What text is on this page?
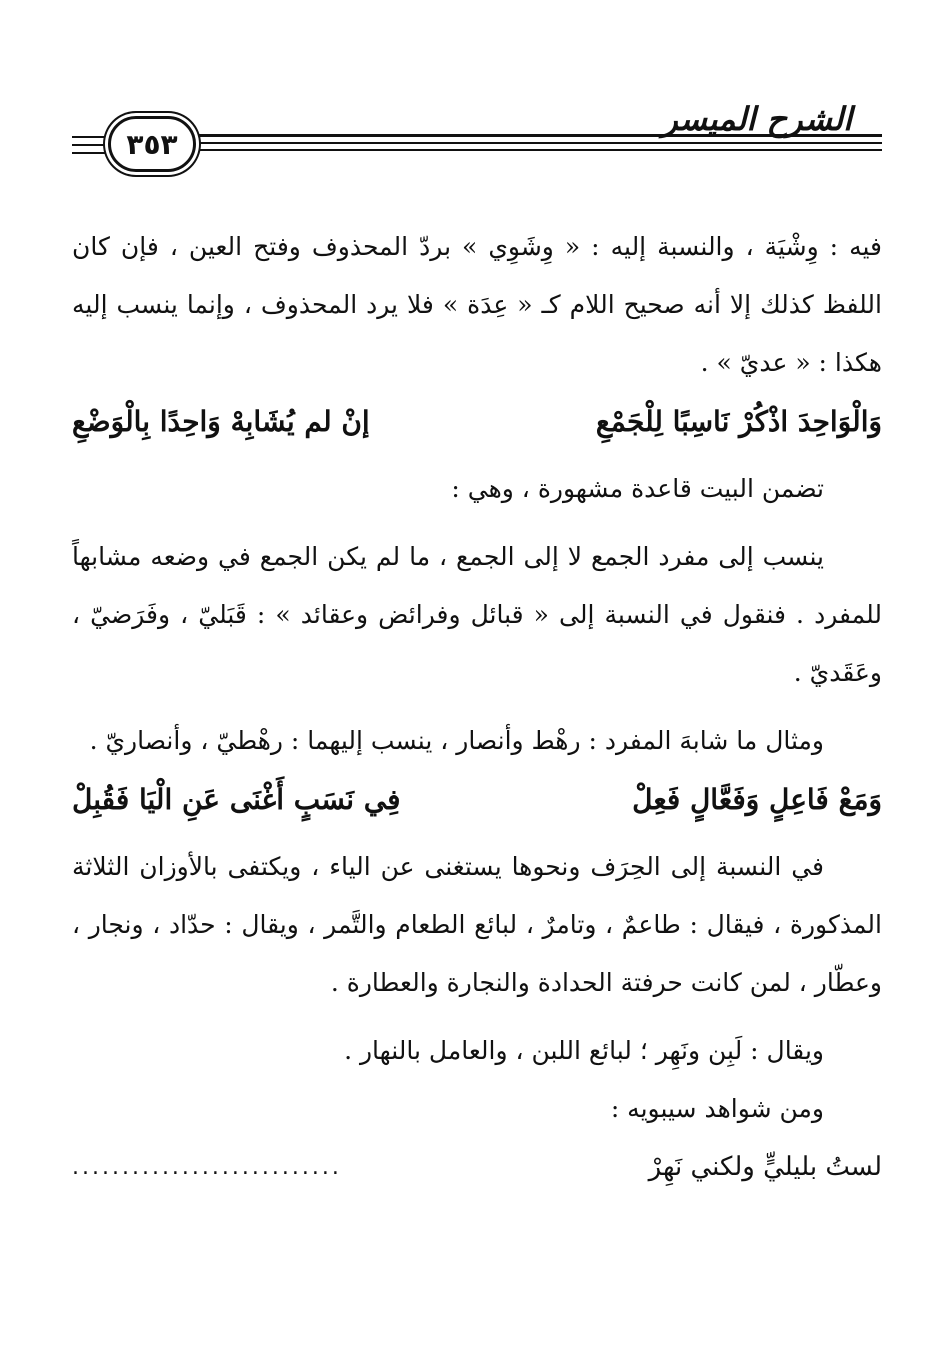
الشرح الميسر
٣٥٣

فيه : وِشْيَة ، والنسبة إليه : « وِشَوِي » بردّ المحذوف وفتح العين ، فإن كان اللفظ كذلك إلا أنه صحيح اللام كـ « عِدَة » فلا يرد المحذوف ، وإنما ينسب إليه هكذا : « عديّ » .

وَالْوَاحِدَ اذْكُرْ نَاسِبًا لِلْجَمْعِ
إنْ لم يُشَابِهْ وَاحِدًا بِالْوَضْعِ

تضمن البيت قاعدة مشهورة ، وهي :

ينسب إلى مفرد الجمع لا إلى الجمع ، ما لم يكن الجمع في وضعه مشابهاً للمفرد . فنقول في النسبة إلى « قبائل وفرائض وعقائد » : قَبَليّ ، وفَرَضيّ ، وعَقَديّ .

ومثال ما شابهَ المفرد : رهْط وأنصار ، ينسب إليهما : رهْطيّ ، وأنصاريّ .

وَمَعْ فَاعِلٍ وَفَعَّالٍ فَعِلْ
فِي نَسَبٍ أَغْنَى عَنِ الْيَا فَقُبِلْ

في النسبة إلى الحِرَف ونحوها يستغنى عن الياء ، ويكتفى بالأوزان الثلاثة المذكورة ، فيقال : طاعمٌ ، وتامرٌ ، لبائع الطعام والتَّمر ، ويقال : حدّاد ، ونجار ، وعطّار ، لمن كانت حرفتة الحدادة والنجارة والعطارة .

ويقال : لَبِن ونَهِر ؛ لبائع اللبن ، والعامل بالنهار .

ومن شواهد سيبويه :

لستُ بليليٍّ ولكني نَهِرْ
...........................
